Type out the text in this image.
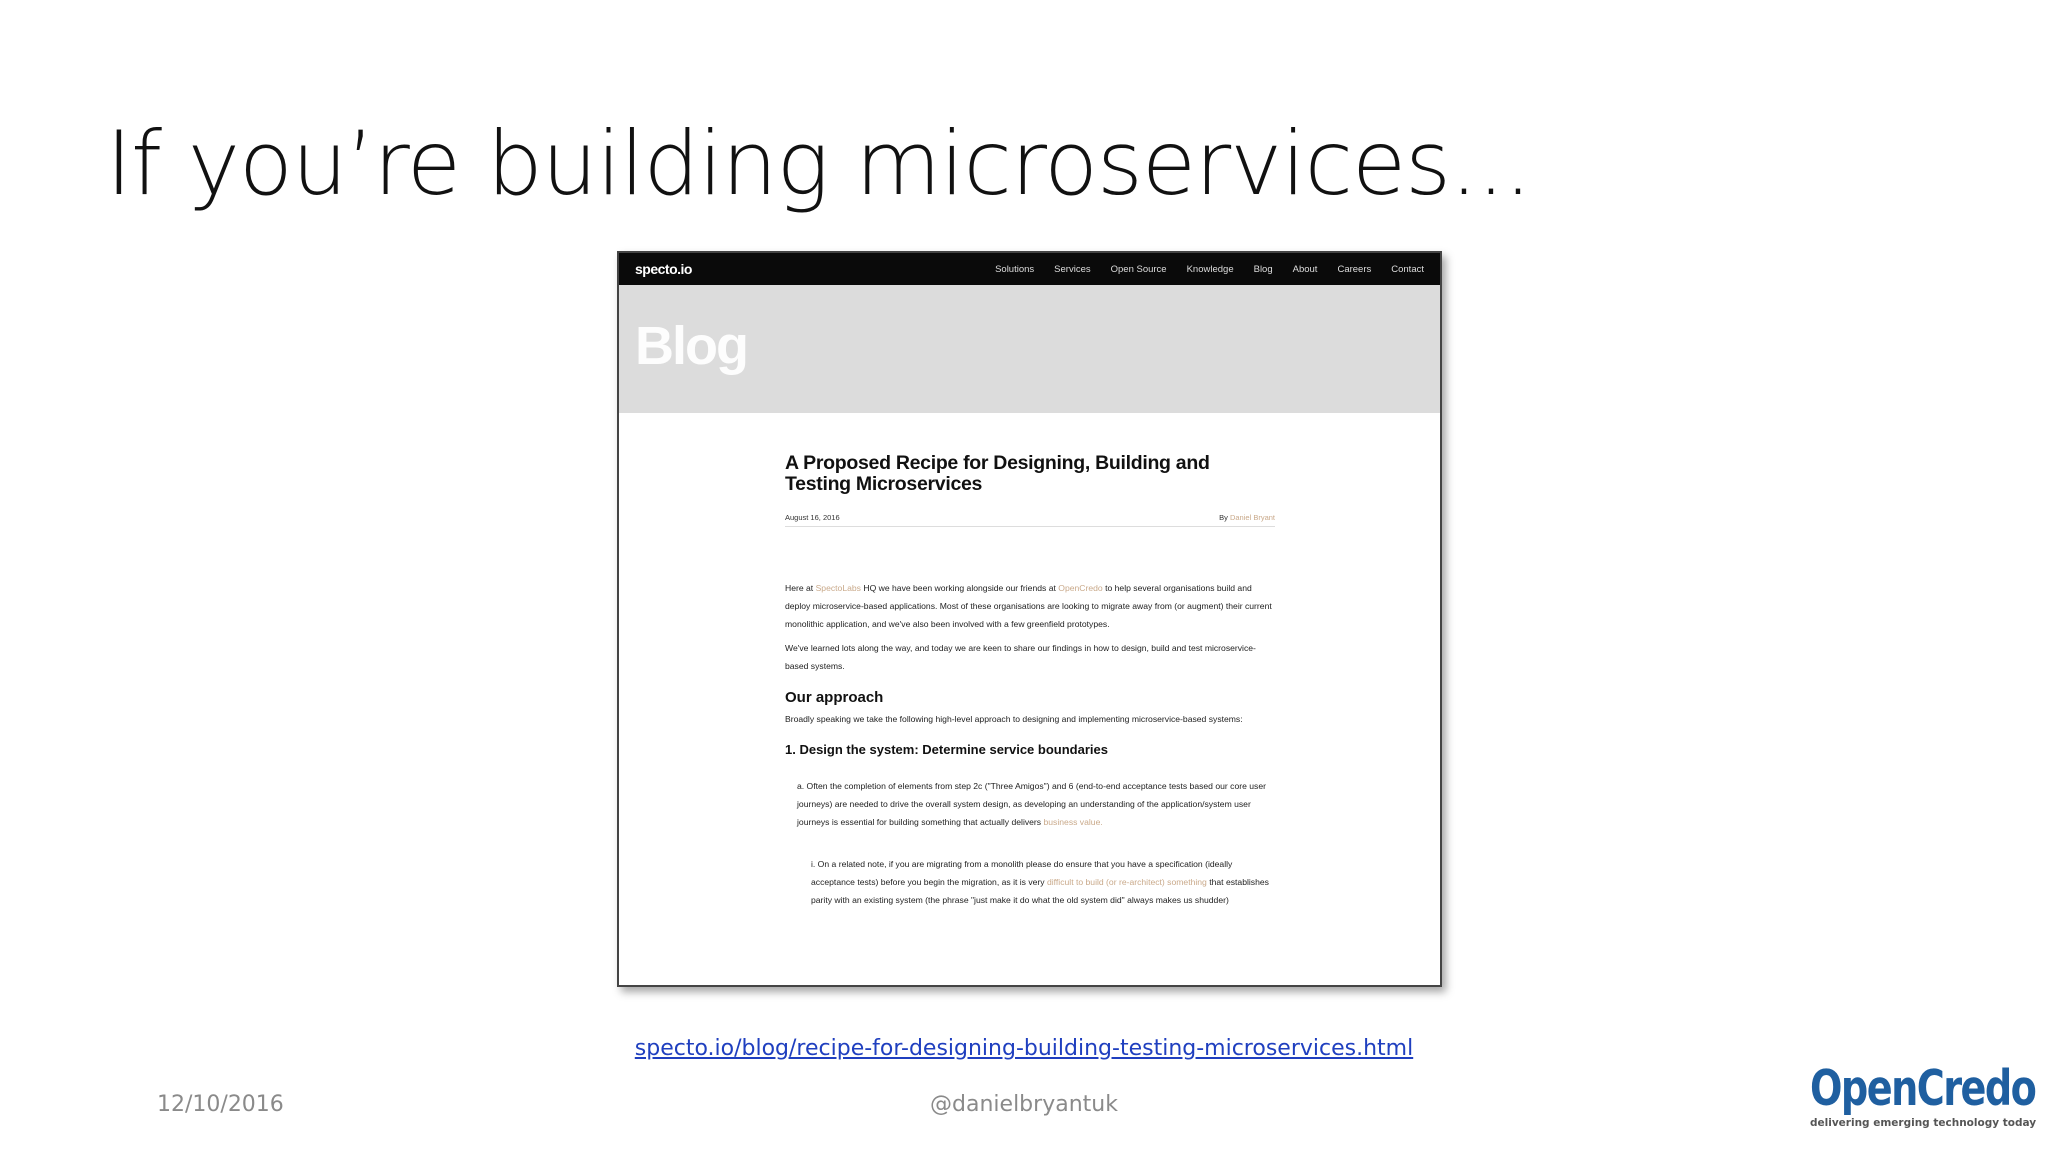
If you’re building microservices...
specto.io	Solutions Services Open Source Knowledge Blog About Careers Contact
Blog
A Proposed Recipe for Designing, Building and Testing Microservices
August 16, 2016	By Daniel Bryant

Here at SpectoLabs HQ we have been working alongside our friends at OpenCredo to help several organisations build and deploy microservice-based applications. Most of these organisations are looking to migrate away from (or augment) their current monolithic application, and we've also been involved with a few greenfield prototypes.

We've learned lots along the way, and today we are keen to share our findings in how to design, build and test microservice-based systems.

Our approach

Broadly speaking we take the following high-level approach to designing and implementing microservice-based systems:

1. Design the system: Determine service boundaries

a. Often the completion of elements from step 2c ("Three Amigos") and 6 (end-to-end acceptance tests based our core user journeys) are needed to drive the overall system design, as developing an understanding of the application/system user journeys is essential for building something that actually delivers business value.

i. On a related note, if you are migrating from a monolith please do ensure that you have a specification (ideally acceptance tests) before you begin the migration, as it is very difficult to build (or re-architect) something that establishes parity with an existing system (the phrase "just make it do what the old system did" always makes us shudder)

specto.io/blog/recipe-for-designing-building-testing-microservices.html
12/10/2016	@danielbryantuk	OpenCredo
delivering emerging technology today
